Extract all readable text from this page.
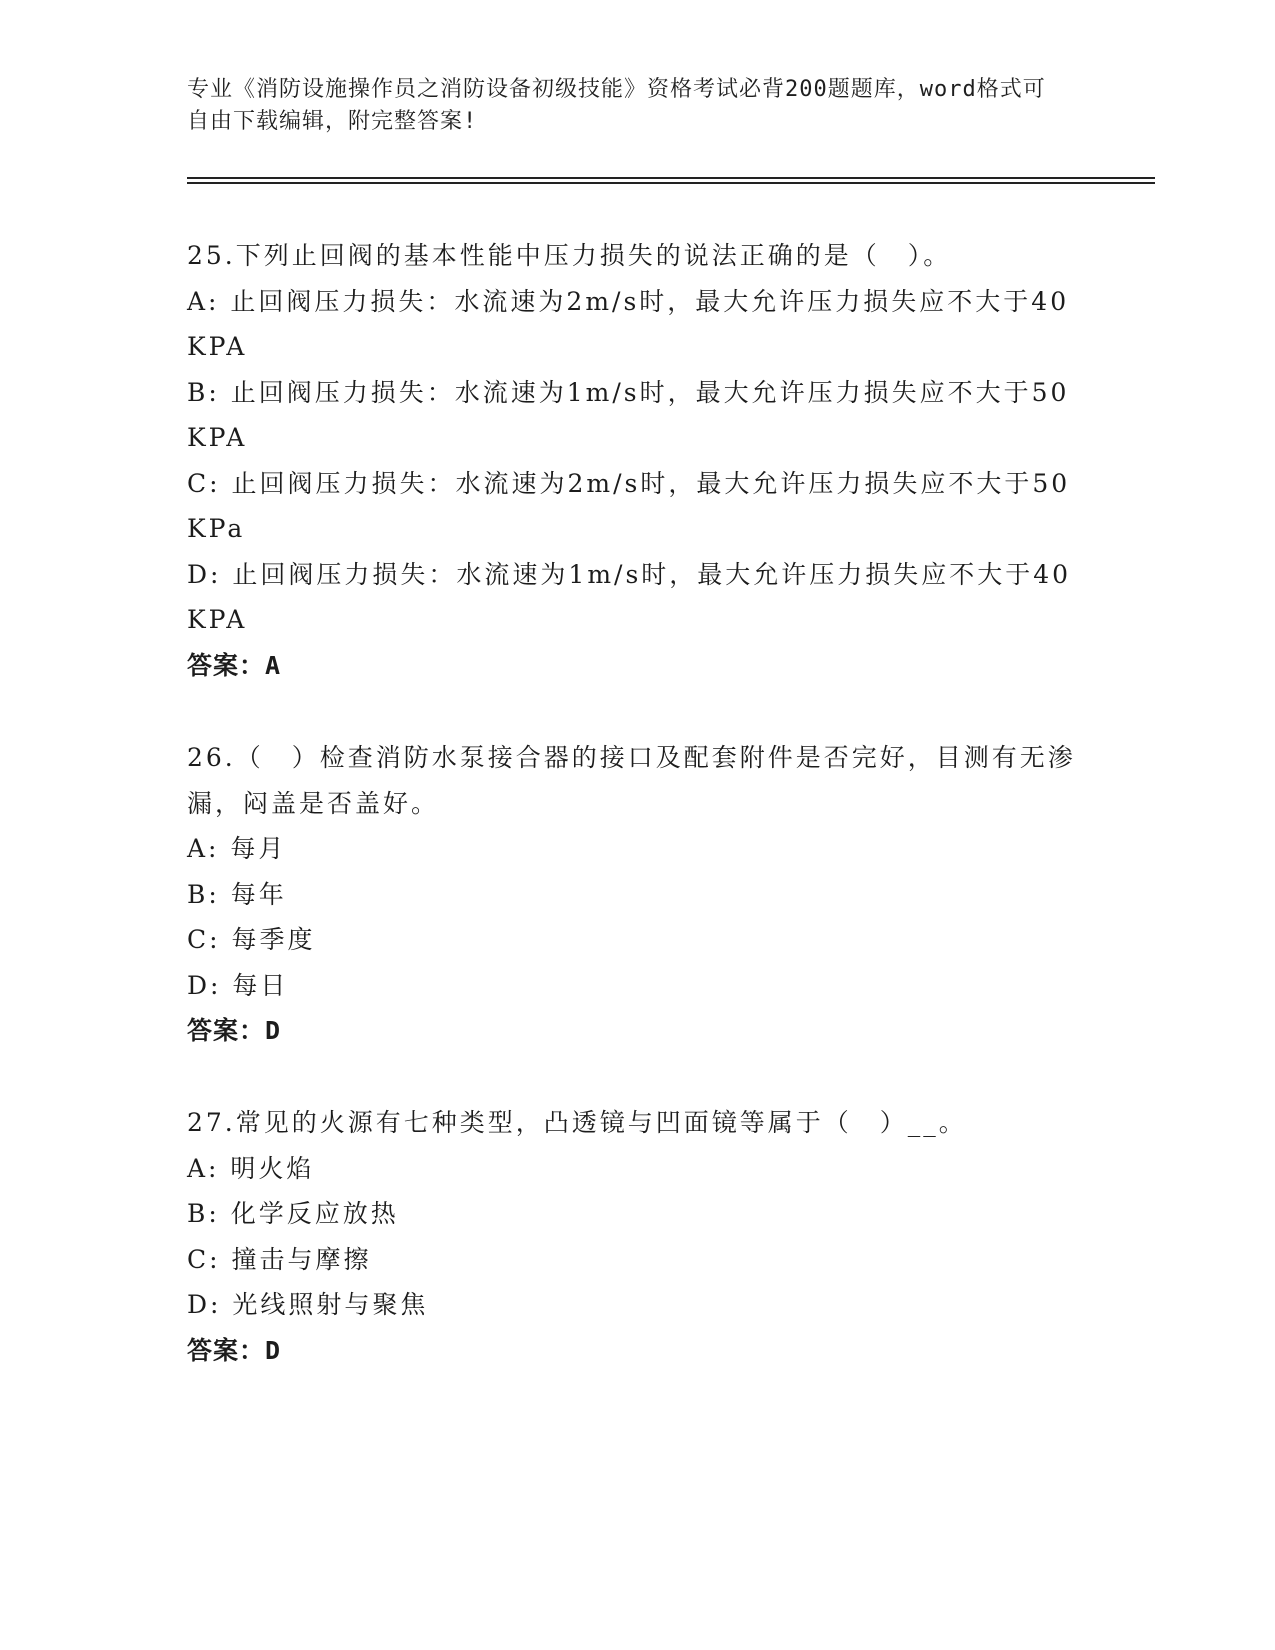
专业《消防设施操作员之消防设备初级技能》资格考试必背200题题库，word格式可自由下载编辑，附完整答案!

25.下列止回阀的基本性能中压力损失的说法正确的是（　）。

A: 止回阀压力损失：水流速为2m/s时，最大允许压力损失应不大于40KPA

B: 止回阀压力损失：水流速为1m/s时，最大允许压力损失应不大于50KPA

C: 止回阀压力损失：水流速为2m/s时，最大允许压力损失应不大于50KPa

D: 止回阀压力损失：水流速为1m/s时，最大允许压力损失应不大于40KPA

答案：A

26.（　）检查消防水泵接合器的接口及配套附件是否完好，目测有无渗漏，闷盖是否盖好。

A: 每月

B: 每年

C: 每季度

D: 每日

答案：D

27.常见的火源有七种类型，凸透镜与凹面镜等属于（　）__。

A: 明火焰

B: 化学反应放热

C: 撞击与摩擦

D: 光线照射与聚焦

答案：D
